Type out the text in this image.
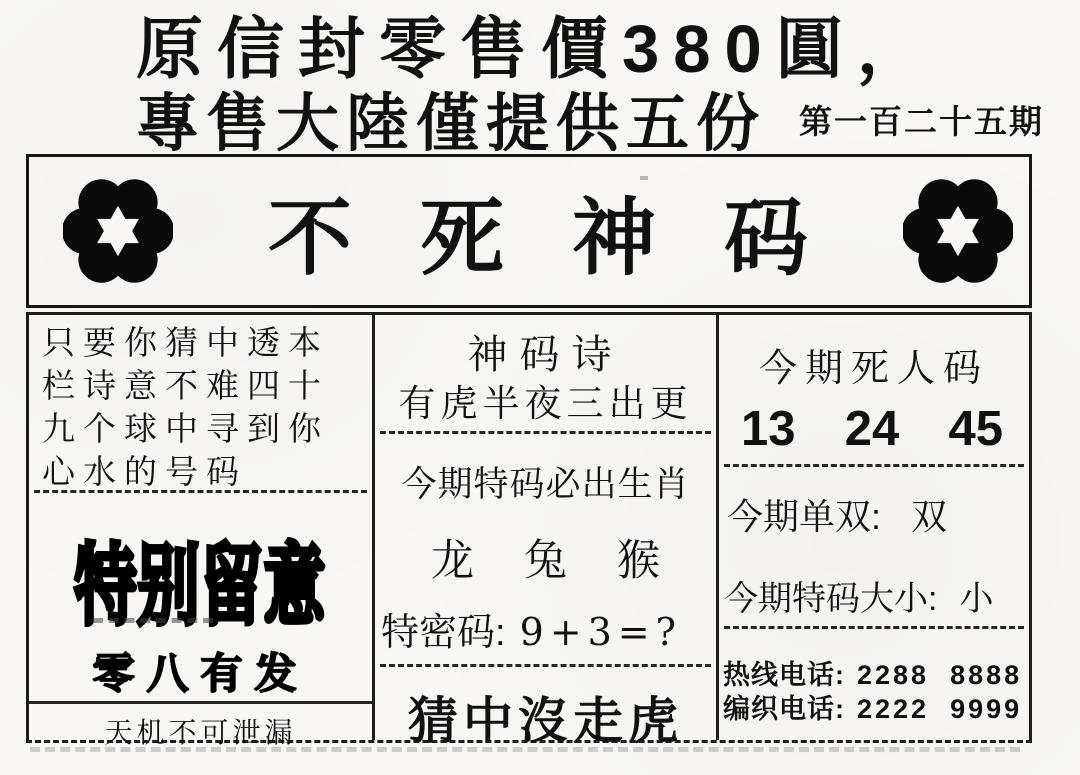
原信封零售價380圓，
專售大陸僅提供五份 第一百二十五期
不死神码
只要你猜中透本
栏诗意不难四十
九个球中寻到你
心水的号码
特别留意
零八有发
天机不可泄漏
神码诗
有虎半夜三出更
今期特码必出生肖
龙 兔 猴
特密码: 9+3=?
猜中沒走虎
今期死人码
13 24 45
今期单双: 双
今期特码大小: 小
热线电话: 2288  8888
编织电话: 2222  9999
